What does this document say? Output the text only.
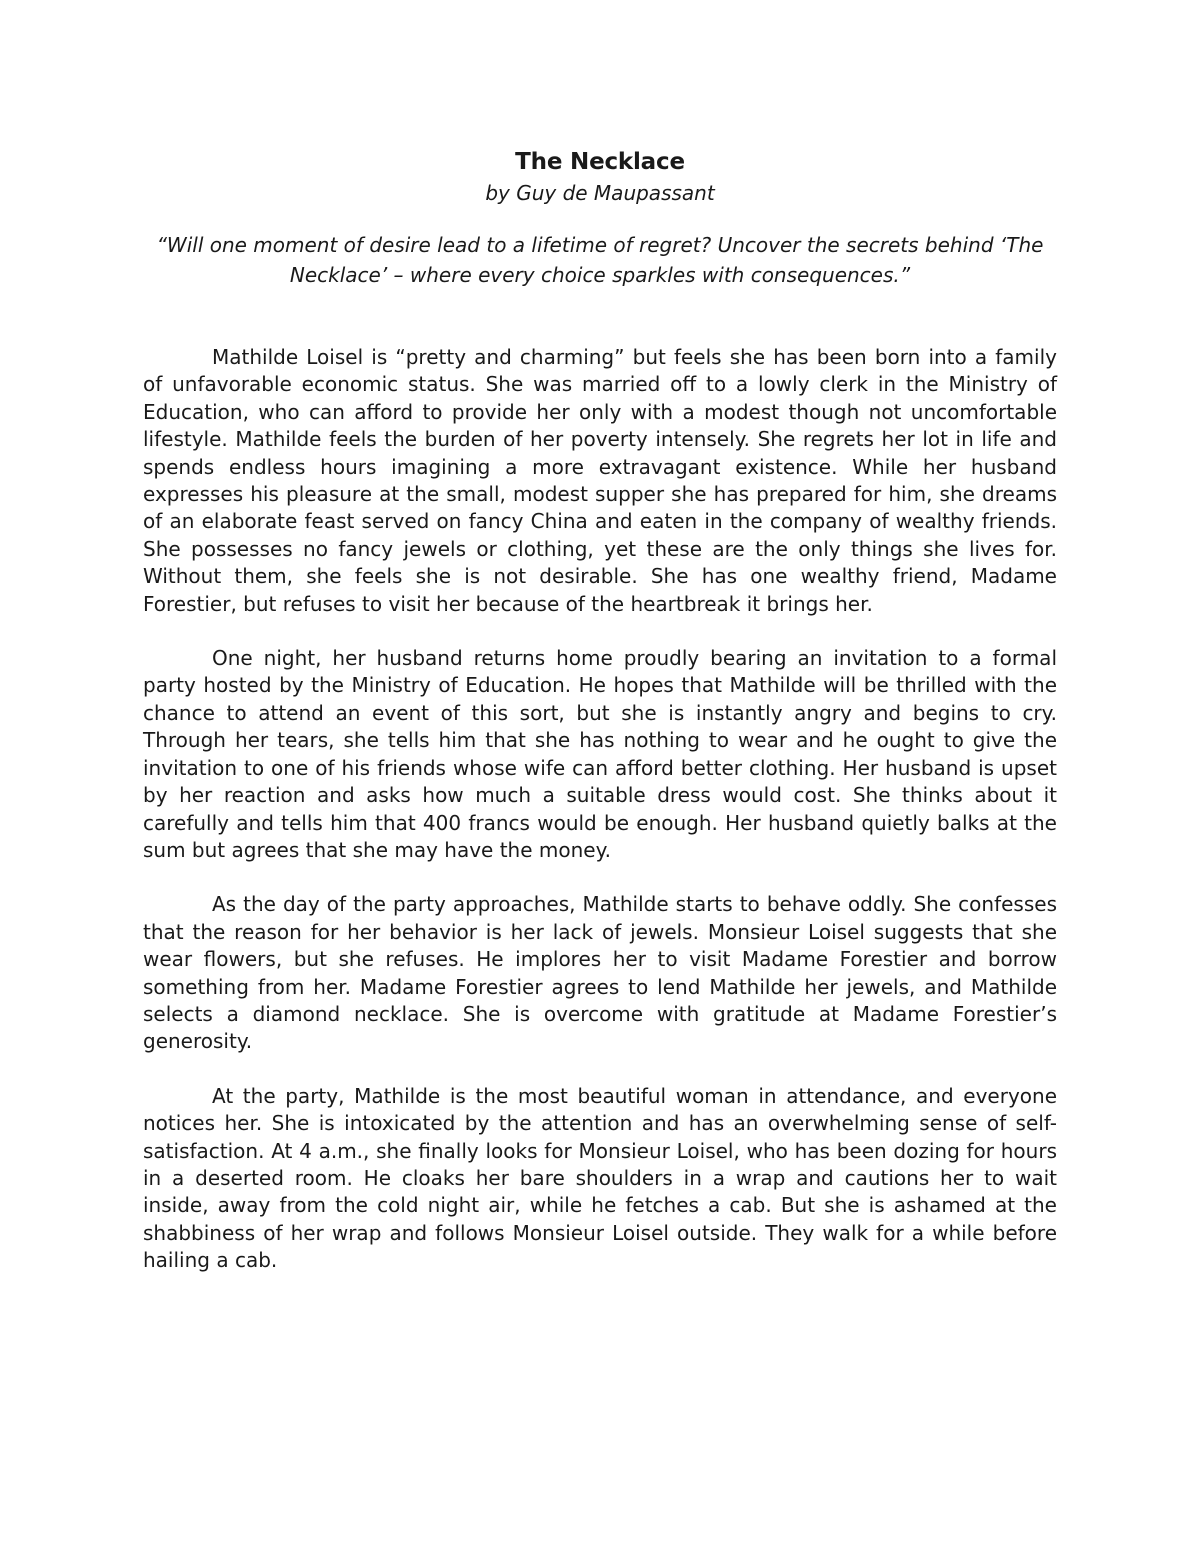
The Necklace

by Guy de Maupassant

“Will one moment of desire lead to a lifetime of regret? Uncover the secrets behind ‘The Necklace’ – where every choice sparkles with consequences.”

Mathilde Loisel is “pretty and charming” but feels she has been born into a family of unfavorable economic status. She was married off to a lowly clerk in the Ministry of Education, who can afford to provide her only with a modest though not uncomfortable lifestyle. Mathilde feels the burden of her poverty intensely. She regrets her lot in life and spends endless hours imagining a more extravagant existence. While her husband expresses his pleasure at the small, modest supper she has prepared for him, she dreams of an elaborate feast served on fancy China and eaten in the company of wealthy friends. She possesses no fancy jewels or clothing, yet these are the only things she lives for. Without them, she feels she is not desirable. She has one wealthy friend, Madame Forestier, but refuses to visit her because of the heartbreak it brings her.

One night, her husband returns home proudly bearing an invitation to a formal party hosted by the Ministry of Education. He hopes that Mathilde will be thrilled with the chance to attend an event of this sort, but she is instantly angry and begins to cry. Through her tears, she tells him that she has nothing to wear and he ought to give the invitation to one of his friends whose wife can afford better clothing. Her husband is upset by her reaction and asks how much a suitable dress would cost. She thinks about it carefully and tells him that 400 francs would be enough. Her husband quietly balks at the sum but agrees that she may have the money.

As the day of the party approaches, Mathilde starts to behave oddly. She confesses that the reason for her behavior is her lack of jewels. Monsieur Loisel suggests that she wear flowers, but she refuses. He implores her to visit Madame Forestier and borrow something from her. Madame Forestier agrees to lend Mathilde her jewels, and Mathilde selects a diamond necklace. She is overcome with gratitude at Madame Forestier’s generosity.

At the party, Mathilde is the most beautiful woman in attendance, and everyone notices her. She is intoxicated by the attention and has an overwhelming sense of self-satisfaction. At 4 a.m., she finally looks for Monsieur Loisel, who has been dozing for hours in a deserted room. He cloaks her bare shoulders in a wrap and cautions her to wait inside, away from the cold night air, while he fetches a cab. But she is ashamed at the shabbiness of her wrap and follows Monsieur Loisel outside. They walk for a while before hailing a cab.
